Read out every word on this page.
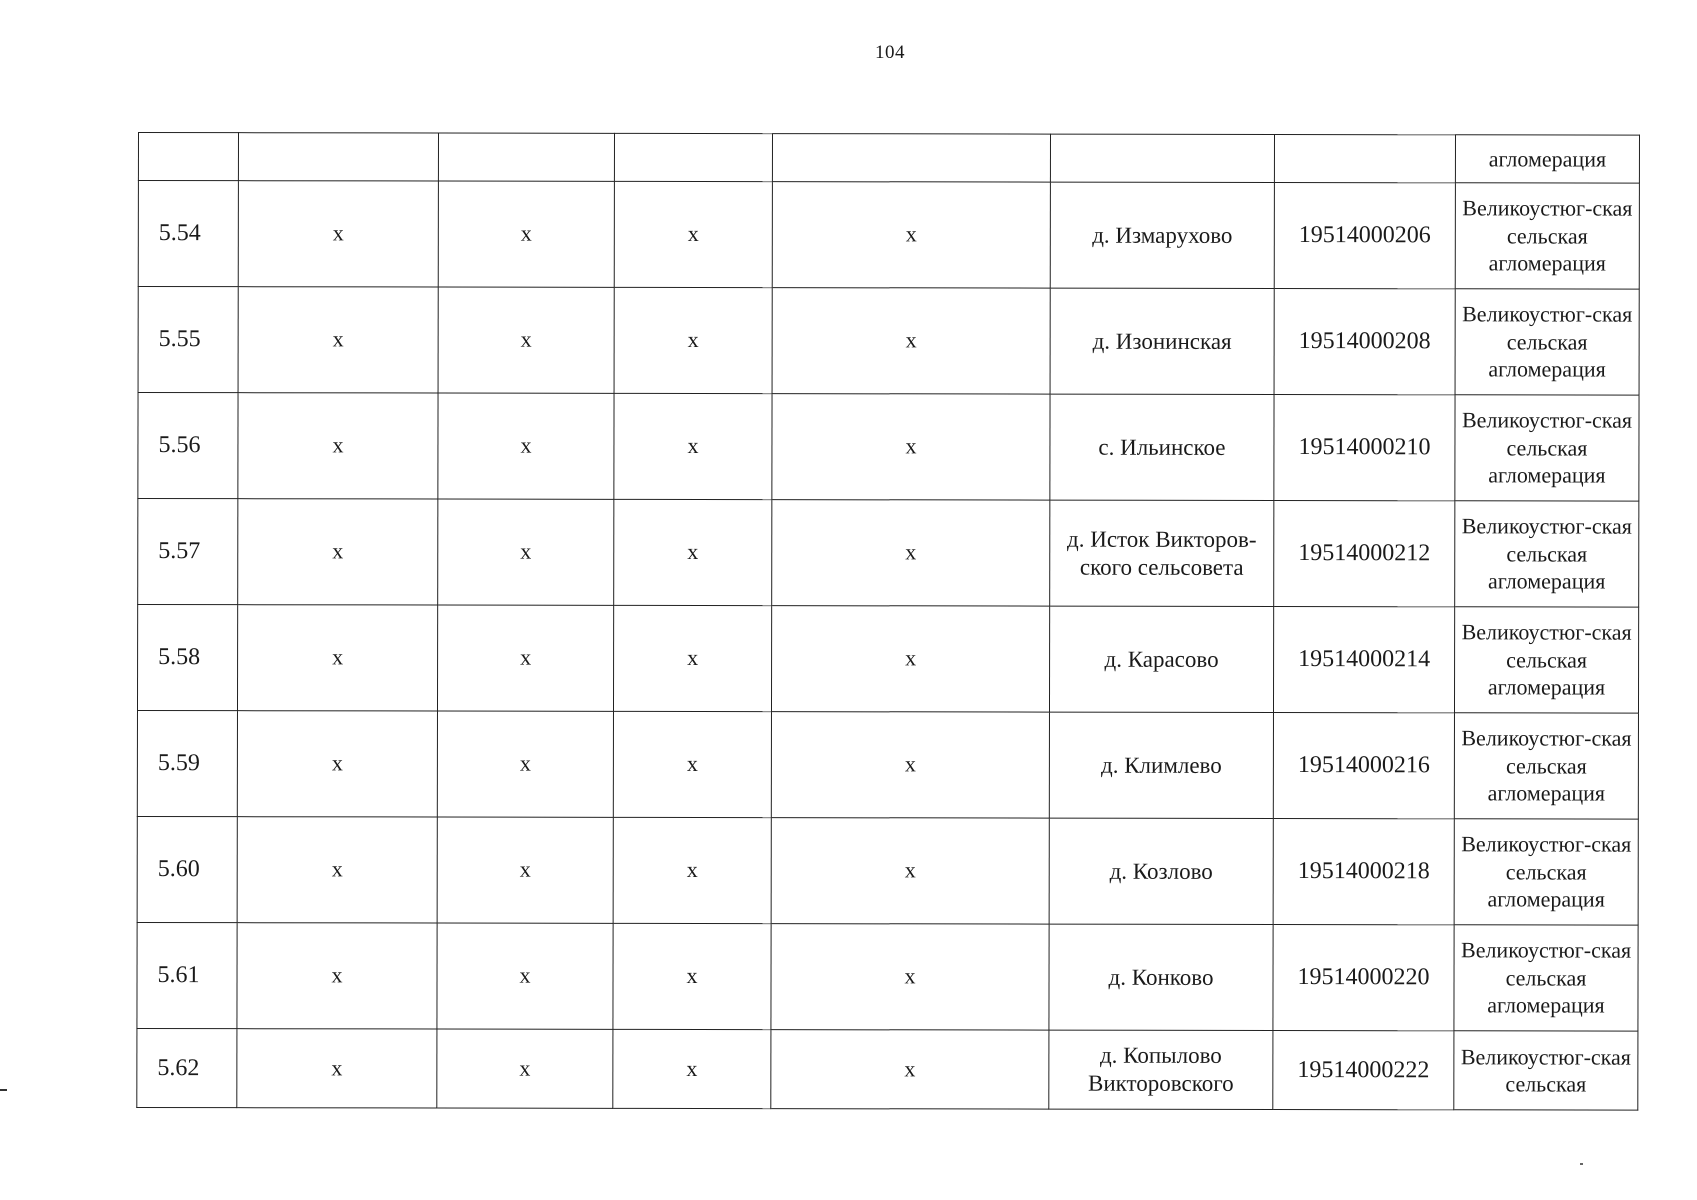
104
							агломерация
5.54	х	х	х	х	д. Измарухово	19514000206	Великоустюг-ская сельская агломерация
5.55	х	х	х	х	д. Изонинская	19514000208	Великоустюг-ская сельская агломерация
5.56	х	х	х	х	с. Ильинское	19514000210	Великоустюг-ская сельская агломерация
5.57	х	х	х	х	д. Исток Викторов-ского сельсовета	19514000212	Великоустюг-ская сельская агломерация
5.58	х	х	х	х	д. Карасово	19514000214	Великоустюг-ская сельская агломерация
5.59	х	х	х	х	д. Климлево	19514000216	Великоустюг-ская сельская агломерация
5.60	х	х	х	х	д. Козлово	19514000218	Великоустюг-ская сельская агломерация
5.61	х	х	х	х	д. Конково	19514000220	Великоустюг-ская сельская агломерация
5.62	х	х	х	х	д. Копылово Викторовского	19514000222	Великоустюг-ская сельская
